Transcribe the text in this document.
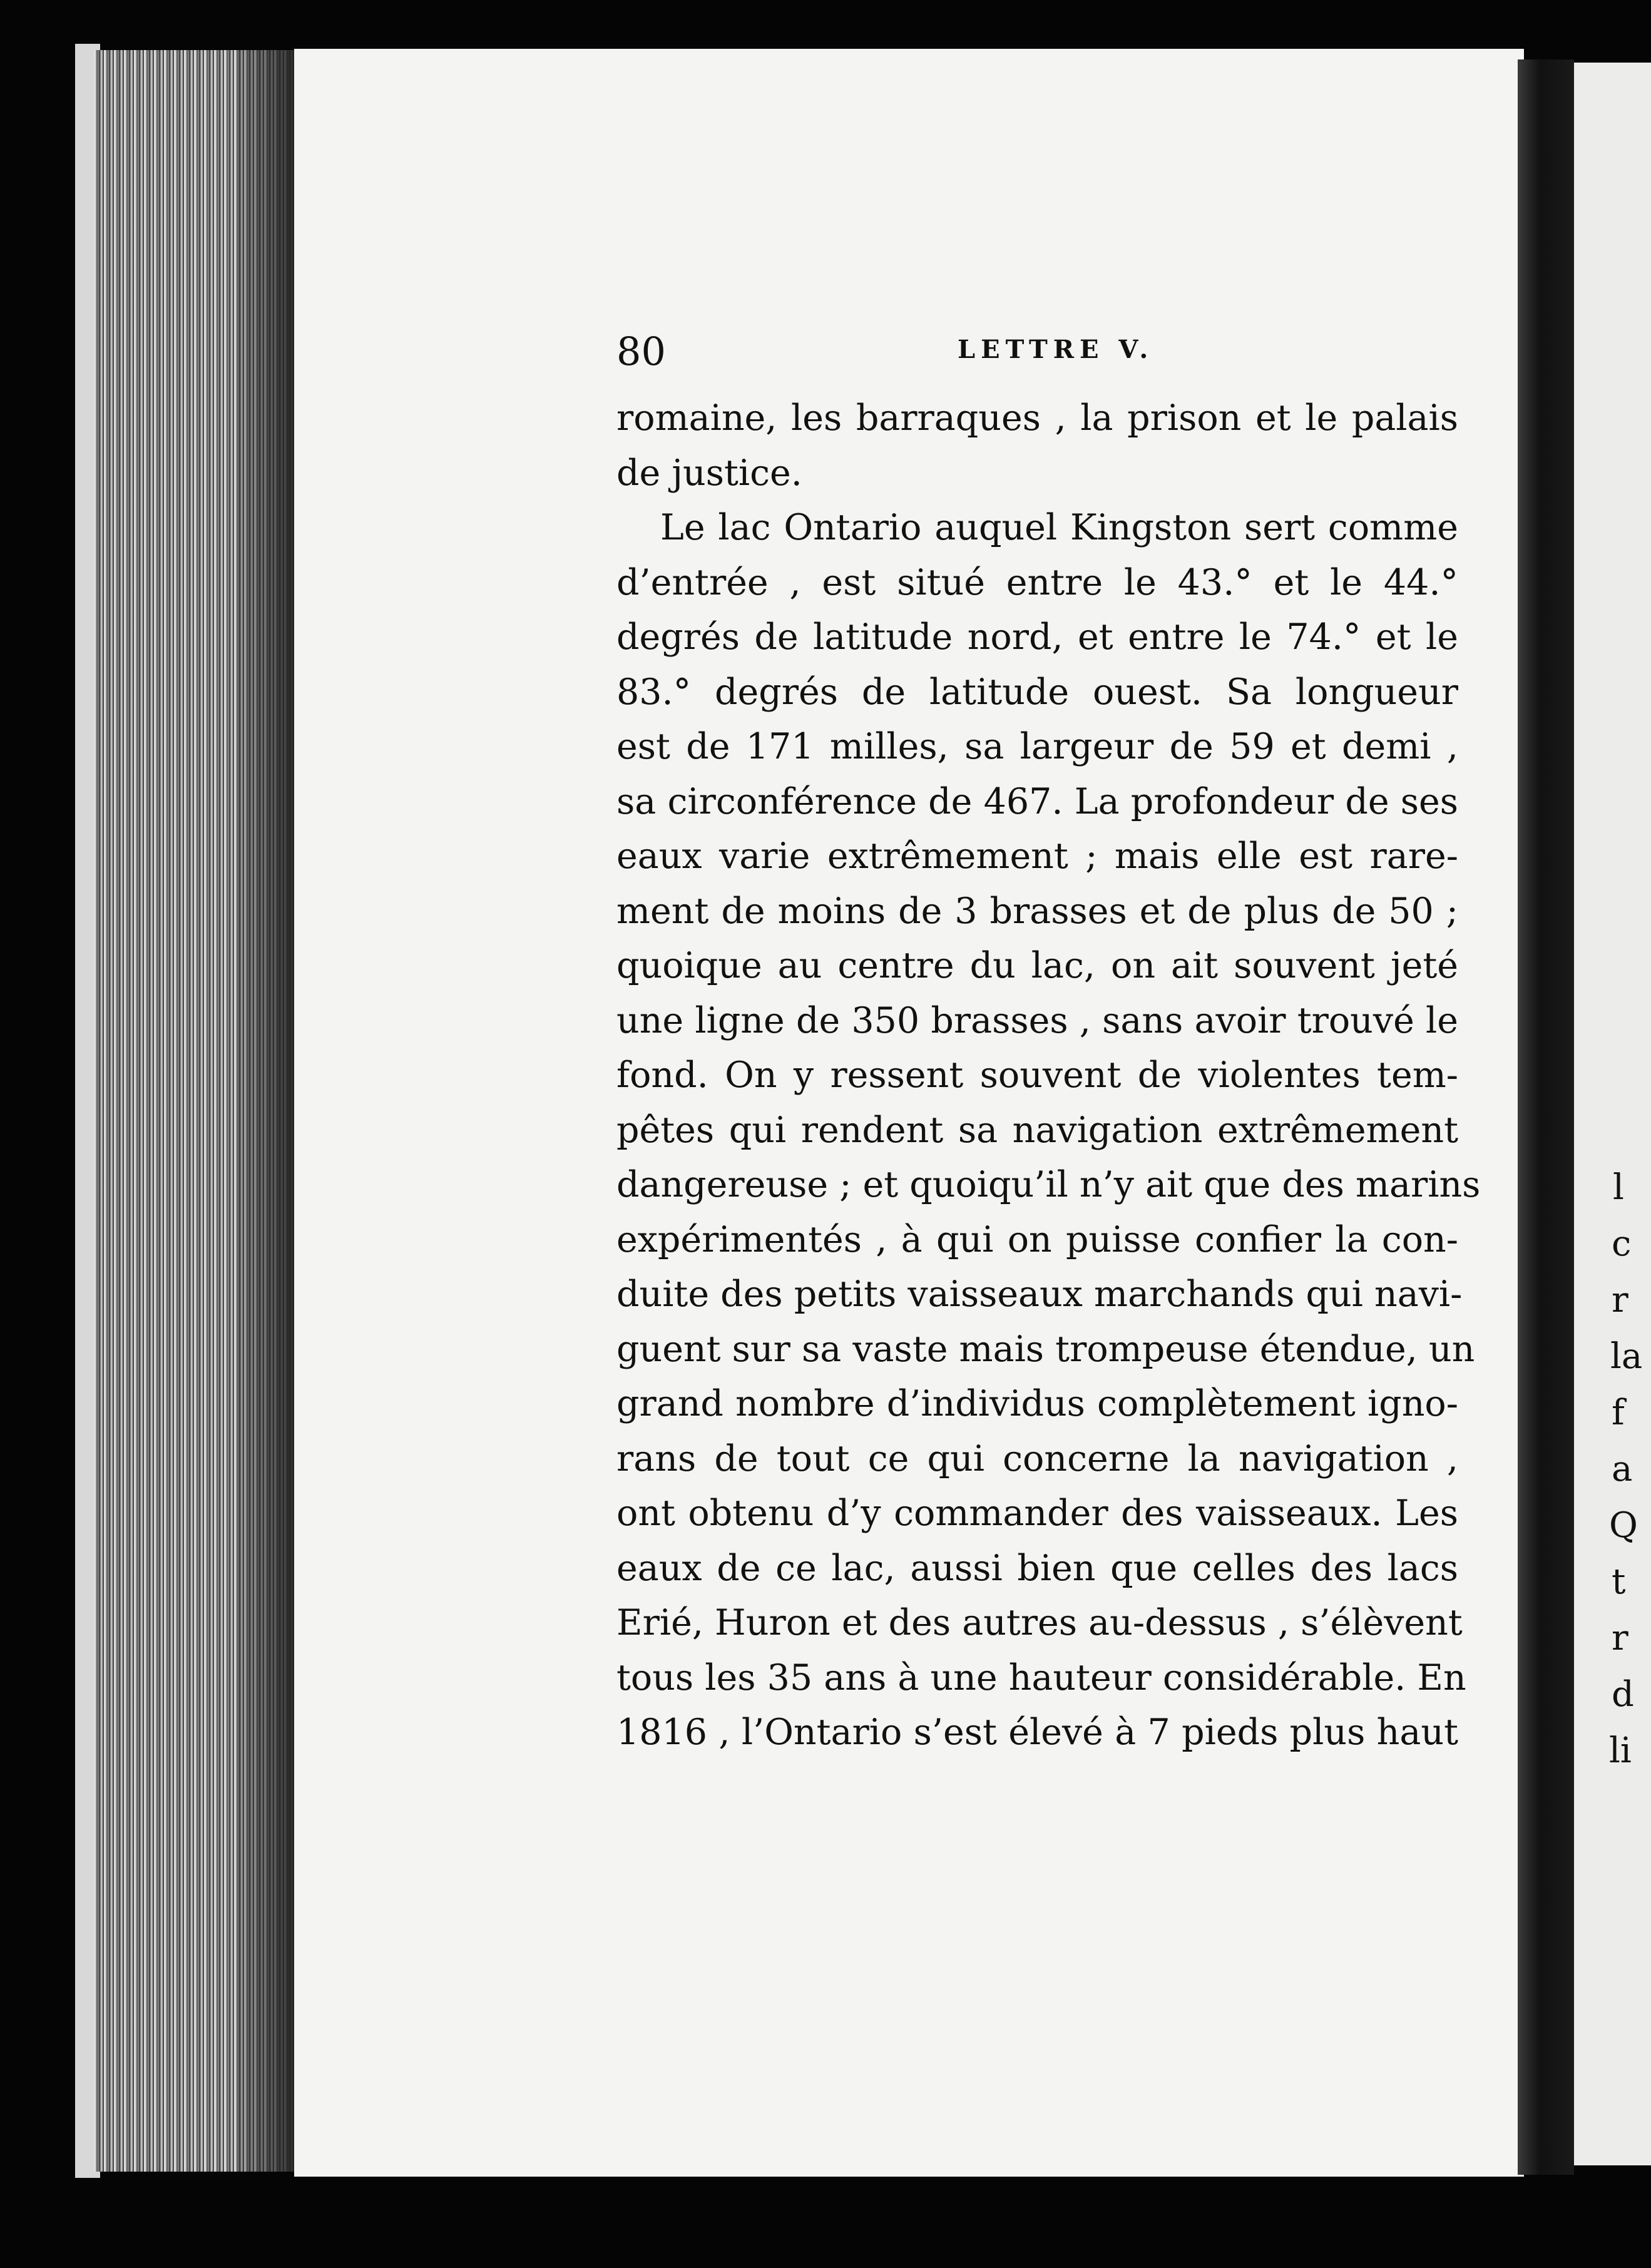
80	LETTRE V.
romaine, les barraques , la prison et le palais
de justice.
Le lac Ontario auquel Kingston sert comme
d’entrée , est situé entre le 43.° et le 44.°
degrés de latitude nord, et entre le 74.° et le
83.° degrés de latitude ouest. Sa longueur
est de 171 milles, sa largeur de 59 et demi ,
sa circonférence de 467. La profondeur de ses
eaux varie extrêmement ; mais elle est rare-
ment de moins de 3 brasses et de plus de 50 ;
quoique au centre du lac, on ait souvent jeté
une ligne de 350 brasses , sans avoir trouvé le
fond. On y ressent souvent de violentes tem-
pêtes qui rendent sa navigation extrêmement
dangereuse ; et quoiqu’il n’y ait que des marins
expérimentés , à qui on puisse confier la con-
duite des petits vaisseaux marchands qui navi-
guent sur sa vaste mais trompeuse étendue, un
grand nombre d’individus complètement igno-
rans de tout ce qui concerne la navigation ,
ont obtenu d’y commander des vaisseaux. Les
eaux de ce lac, aussi bien que celles des lacs
Erié, Huron et des autres au-dessus , s’élèvent
tous les 35 ans à une hauteur considérable. En
1816 , l’Ontario s’est élevé à 7 pieds plus haut
l
c
r
la
f
a
Q
t
r
d
li
